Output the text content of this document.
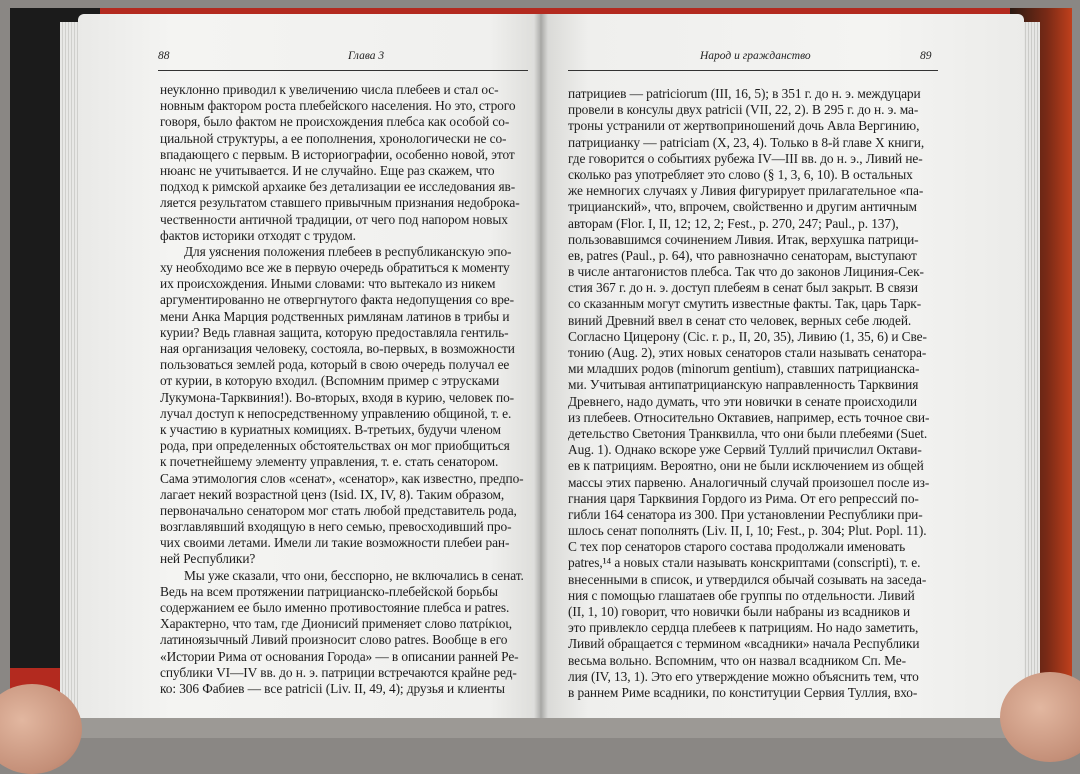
88	Глава 3
неуклонно приводил к увеличению числа плебеев и стал ос-
новным фактором роста плебейского населения. Но это, строго
говоря, было фактом не происхождения плебса как особой со-
циальной структуры, а ее пополнения, хронологически не со-
впадающего с первым. В историографии, особенно новой, этот
нюанс не учитывается. И не случайно. Еще раз скажем, что
подход к римской архаике без детализации ее исследования яв-
ляется результатом ставшего привычным признания недоброка-
чественности античной традиции, от чего под напором новых
фактов историки отходят с трудом.
Для уяснения положения плебеев в республиканскую эпо-
ху необходимо все же в первую очередь обратиться к моменту
их происхождения. Иными словами: что вытекало из никем
аргументированно не отвергнутого факта недопущения со вре-
мени Анка Марция родственных римлянам латинов в трибы и
курии? Ведь главная защита, которую предоставляла гентиль-
ная организация человеку, состояла, во-первых, в возможности
пользоваться землей рода, который в свою очередь получал ее
от курии, в которую входил. (Вспомним пример с этрусками
Лукумона-Тарквиния!). Во-вторых, входя в курию, человек по-
лучал доступ к непосредственному управлению общиной, т. е.
к участию в куриатных комициях. В-третьих, будучи членом
рода, при определенных обстоятельствах он мог приобщиться
к почетнейшему элементу управления, т. е. стать сенатором.
Сама этимология слов «сенат», «сенатор», как известно, предпо-
лагает некий возрастной ценз (Isid. IX, IV, 8). Таким образом,
первоначально сенатором мог стать любой представитель рода,
возглавлявший входящую в него семью, превосходивший про-
чих своими летами. Имели ли такие возможности плебеи ран-
ней Республики?
Мы уже сказали, что они, бесспорно, не включались в сенат.
Ведь на всем протяжении патрицианско-плебейской борьбы
содержанием ее было именно противостояние плебса и patres.
Характерно, что там, где Дионисий применяет слово πατρίκιοι,
латиноязычный Ливий произносит слово patres. Вообще в его
«Истории Рима от основания Города» — в описании ранней Ре-
спублики VI—IV вв. до н. э. патриции встречаются крайне ред-
ко: 306 Фабиев — все patricii (Liv. II, 49, 4); друзья и клиенты
Народ и гражданство	89
патрициев — patriciorum (III, 16, 5); в 351 г. до н. э. междуцари
провели в консулы двух patricii (VII, 22, 2). В 295 г. до н. э. ма-
троны устранили от жертвоприношений дочь Авла Вергинию,
патрицианку — patriciam (X, 23, 4). Только в 8-й главе X книги,
где говорится о событиях рубежа IV—III вв. до н. э., Ливий не-
сколько раз употребляет это слово (§ 1, 3, 6, 10). В остальных
же немногих случаях у Ливия фигурирует прилагательное «па-
трицианский», что, впрочем, свойственно и другим античным
авторам (Flor. I, II, 12; 12, 2; Fest., p. 270, 247; Paul., p. 137),
пользовавшимся сочинением Ливия. Итак, верхушка патрици-
ев, patres (Paul., p. 64), что равнозначно сенаторам, выступают
в числе антагонистов плебса. Так что до законов Лициния-Сек-
стия 367 г. до н. э. доступ плебеям в сенат был закрыт. В связи
со сказанным могут смутить известные факты. Так, царь Тарк-
виний Древний ввел в сенат сто человек, верных себе людей.
Согласно Цицерону (Cic. r. p., II, 20, 35), Ливию (1, 35, 6) и Све-
тонию (Aug. 2), этих новых сенаторов стали называть сенатора-
ми младших родов (minorum gentium), ставших патрицианска-
ми. Учитывая антипатрицианскую направленность Тарквиния
Древнего, надо думать, что эти новички в сенате происходили
из плебеев. Относительно Октавиев, например, есть точное сви-
детельство Светония Транквилла, что они были плебеями (Suet.
Aug. 1). Однако вскоре уже Сервий Туллий причислил Октави-
ев к патрициям. Вероятно, они не были исключением из общей
массы этих парвеню. Аналогичный случай произошел после из-
гнания царя Тарквиния Гордого из Рима. От его репрессий по-
гибли 164 сенатора из 300. При установлении Республики при-
шлось сенат пополнять (Liv. II, I, 10; Fest., p. 304; Plut. Popl. 11).
С тех пор сенаторов старого состава продолжали именовать
patres,¹⁴ а новых стали называть конскриптами (conscripti), т. е.
внесенными в список, и утвердился обычай созывать на заседа-
ния с помощью глашатаев обе группы по отдельности. Ливий
(II, 1, 10) говорит, что новички были набраны из всадников и
это привлекло сердца плебеев к патрициям. Но надо заметить,
Ливий обращается с термином «всадники» начала Республики
весьма вольно. Вспомним, что он назвал всадником Сп. Ме-
лия (IV, 13, 1). Это его утверждение можно объяснить тем, что
в раннем Риме всадники, по конституции Сервия Туллия, вхо-
